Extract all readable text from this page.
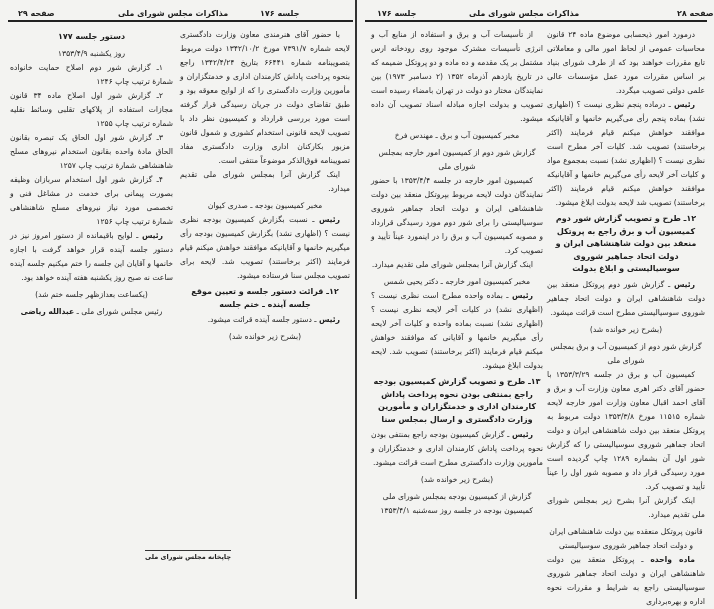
صفحه ۲۹	مذاکرات مجلس شورای ملی	جلسه ۱۷۶

با حضور آقای هنرمندی معاون وزارت دادگستری لایحه شماره ۷۳۹۱/۷ مورخ ۱۳۴۲/۱۰/۲ دولت مربوط بتصویبنامه شماره ۶۶۴۴۱ بتاریخ ۱۳۴۲/۴/۲۴ راجع بنحوه پرداخت پاداش کارمندان اداری و خدمتگزاران و مأمورین وزارت دادگستری را که از لوایح معوقه بود و طبق تقاضای دولت در جریان رسیدگی قرار گرفته است مورد بررسی قرارداد و کمیسیون نظر داد با تصویب لایحه قانونی استخدام کشوری و شمول قانون مزبور بکارکنان اداری وزارت دادگستری مفاد تصویبنامه فوق‌الذکر موضوعاً منتفی است.

اینک گزارش آنرا بمجلس شورای ملی تقدیم میدارد.

مخبر کمیسیون بودجه ـ صدری کیوان

رئیس ـ نسبت بگزارش کمیسیون بودجه نظری نیست ؟ (اظهاری نشد) بگزارش کمیسیون بودجه رأی میگیریم خانمها و آقایانیکه موافقند خواهش میکنم قیام فرمایند (اکثر برخاستند) تصویب شد. لایحه برای تصویب مجلس سنا فرستاده میشود.

۱۲ـ قرائت دستور جلسه و تعیین موقع جلسه آینده ـ ختم جلسه

رئیس ـ دستور جلسه آینده قرائت میشود.

(بشرح زیر خوانده شد)

دستور جلسه ۱۷۷

روز یکشنبه ۱۳۵۳/۴/۹

۱ـ گزارش شور دوم اصلاح حمایت خانواده شمارهٔ ترتیب چاپ ۱۲۴۶

۲ـ گزارش شور اول اصلاح ماده ۳۴ قانون مجازات استفاده از پلاکهای تقلبی وسائط نقلیه شماره ترتیب چاپ ۱۲۵۵

۳ـ گزارش شور اول الحاق یک تبصره بقانون الحاق مادهٔ واحده بقانون استخدام نیروهای مسلح شاهنشاهی شمارهٔ ترتیب چاپ ۱۲۵۷

۴ـ گزارش شور اول استخدام سربازان وظیفه بصورت پیمانی برای خدمت در مشاغل فنی و تخصصی مورد نیاز نیروهای مسلح شاهنشاهی شمارهٔ ترتیب چاپ ۱۲۵۶

رئیس ـ لوایح باقیمانده از دستور امروز نیز در دستور جلسه آینده قرار خواهد گرفت با اجازه خانمها و آقایان این جلسه را ختم میکنیم جلسه آینده ساعت نه صبح روز یکشنبه هفته آینده خواهد بود.

(یکساعت بعدازظهر جلسه ختم شد)

رئیس مجلس شورای ملی ـ عبدالله ریاضی

چاپخانه مجلس شورای ملی
جلسه ۱۷۶	مذاکرات مجلس شورای ملی	صفحه ۲۸

درمورد امور ذیحسابی موضوع ماده ۲۴ قانون محاسبات عمومی از لحاظ امور مالی و معاملاتی تابع مقررات خواهند بود که از طرف شورای بنیاد بر اساس مقررات مورد عمل مؤسسات عالی علمی دولتی تصویب میگردد.

رئیس ـ درماده پنجم نظری نیست ؟ (اظهاری نشد) بماده پنجم رأی می‌گیریم خانمها و آقایانیکه موافقند خواهش میکنم قیام فرمایند (اکثر برخاستند) تصویب شد. کلیات آخر مطرح است نظری نیست ؟ (اظهاری نشد) نسبت بمجموع مواد و کلیات آخر لایحه رأی می‌گیریم خانمها و آقایانیکه موافقند خواهش میکنم قیام فرمایند (اکثر برخاستند) تصویب شد لایحه بدولت ابلاغ میشود.

۱۲ـ طرح و تصویب گزارش شور دوم کمیسیون آب و برق راجع به پروتکل منعقد بین دولت شاهنشاهی ایران و دولت اتحاد جماهیر شوروی سوسیالیستی و ابلاغ بدولت

رئیس ـ گزارش شور دوم پروتکل منعقد بین دولت شاهنشاهی ایران و دولت اتحاد جماهیر شوروی سوسیالیستی مطرح است قرائت میشود.

(بشرح زیر خوانده شد)

گزارش شور دوم از کمیسیون آب و برق بمجلس شورای ملی

کمیسیون آب و برق در جلسه ۱۳۵۳/۳/۲۹ با حضور آقای دکتر اهری معاون وزارت آب و برق و آقای احمد اقبال معاون وزارت امور خارجه لایحه شماره ۱۱۵۱۵ مورخ ۱۳۵۳/۳/۸ دولت مربوط به پروتکل منعقد بین دولت شاهنشاهی ایران و دولت اتحاد جماهیر شوروی سوسیالیستی را که گزارش شور اول آن بشماره ۱۲۸۹ چاپ گردیده است مورد رسیدگی قرار داد و مصوبه شور اول را عیناً تأیید و تصویب کرد.

اینک گزارش آنرا بشرح زیر بمجلس شورای ملی تقدیم میدارد.

قانون پروتکل منعقده بین دولت شاهنشاهی ایران و دولت اتحاد جماهیر شوروی سوسیالیستی

ماده واحده ـ پروتکل منعقد بین دولت شاهنشاهی ایران و دولت اتحاد جماهیر شوروی سوسیالیستی راجع به شرایط و مقررات نحوه اداره و بهره‌برداری

از تأسیسات آب و برق و استفاده از منابع آب و انرژی تأسیسات مشترک موجود روی رودخانه ارس مشتمل بر یک مقدمه و ده ماده و دو پروتکل ضمیمه که در تاریخ یازدهم آذرماه ۱۳۵۲ (۲ دسامبر ۱۹۷۳) بین نمایندگان مختار دو دولت در تهران بامضاء رسیده است تصویب و بدولت اجازه مبادله اسناد تصویب آن داده میشود.

مخبر کمیسیون آب و برق ـ مهندس فرخ

گزارش شور دوم از کمیسیون امور خارجه بمجلس شورای ملی

کمیسیون امور خارجه در جلسه ۱۳۵۳/۴/۴ با حضور نمایندگان دولت لایحه مربوط بپروتکل منعقد بین دولت شاهنشاهی ایران و دولت اتحاد جماهیر شوروی سوسیالیستی را برای شور دوم مورد رسیدگی قرارداد و مصوبه کمیسیون آب و برق را در اینمورد عیناً تأیید و تصویب کرد.

اینک گزارش آنرا بمجلس شورای ملی تقدیم میدارد.

مخبر کمیسیون امور خارجه ـ دکتر یحیی شمس

رئیس ـ بماده واحده مطرح است نظری نیست ؟ (اظهاری نشد) در کلیات آخر لایحه نظری نیست ؟ (اظهاری نشد) نسبت بماده واحده و کلیات آخر لایحه رأی میگیریم خانمها و آقایانی که موافقند خواهش میکنم قیام فرمایند (اکثر برخاستند) تصویب شد. لایحه بدولت ابلاغ میشود.

۱۳ـ طرح و تصویب گزارش کمیسیون بودجه راجع بمنتفی بودن نحوه پرداخت پاداش کارمندان اداری و خدمتگزاران و مأمورین وزارت دادگستری و ارسال بمجلس سنا

رئیس ـ گزارش کمیسیون بودجه راجع بمنتفی بودن نحوه پرداخت پاداش کارمندان اداری و خدمتگزاران و مأمورین وزارت دادگستری مطرح است قرائت میشود.

(بشرح زیر خوانده شد)

گزارش از کمیسیون بودجه بمجلس شورای ملی

کمیسیون بودجه در جلسه روز سه‌شنبه ۱۳۵۳/۴/۱
